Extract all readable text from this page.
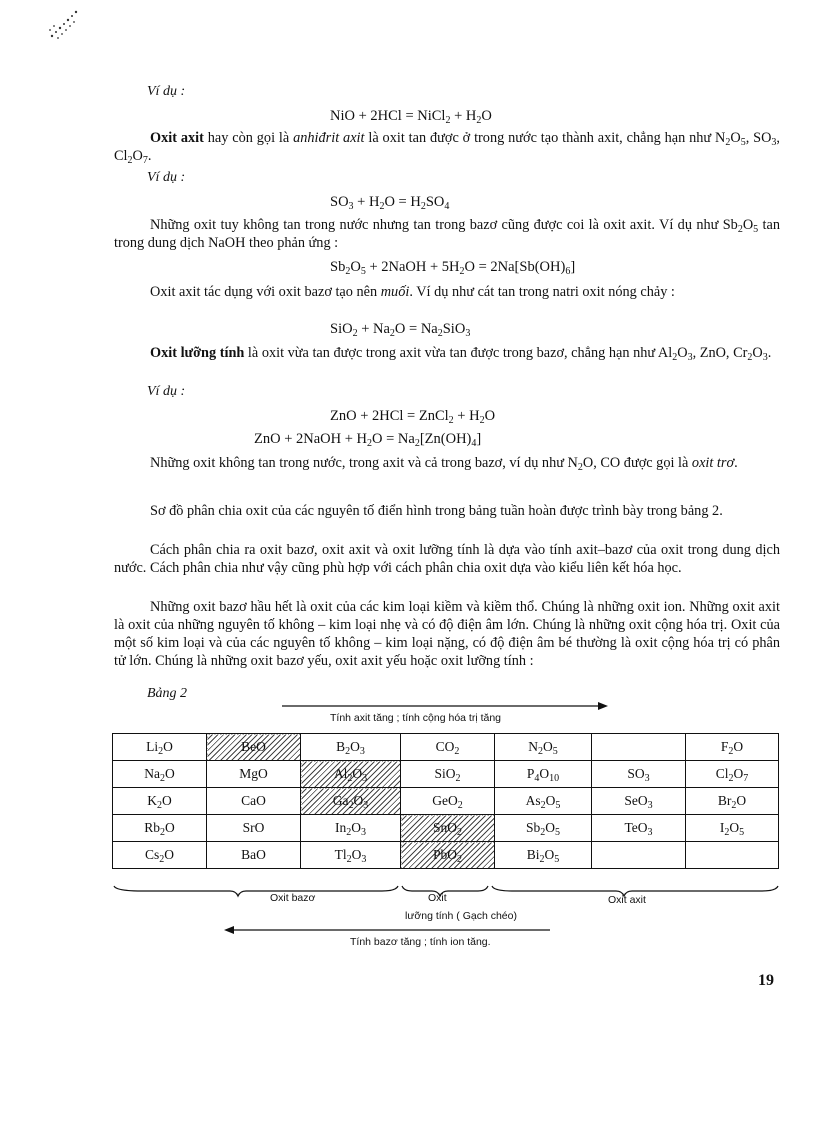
Ví dụ :
NiO + 2HCl = NiCl$_2$ + $H_2O$
Oxit axit hay còn gọi là anhiđrit axit là oxit tan được ở trong nước tạo thành axit, chẳng hạn như $N_2O_5$, $SO_3$, $Cl_2O_7$.
Ví dụ :
$SO_3 + H_2O = H_2SO_4$
Những oxit tuy không tan trong nước nhưng tan trong bazơ cũng được coi là oxit axit. Ví dụ như $Sb_2O_5$ tan trong dung dịch NaOH theo phản ứng :
$Sb_2O_5$ + 2NaOH + $5H_2O = 2Na[Sb(OH)_6]$
Oxit axit tác dụng với oxit bazơ tạo nên muối. Ví dụ như cát tan trong natri oxit nóng chảy :
$SiO_2 + Na_2O = Na_2SiO_3$
Oxit lưỡng tính là oxit vừa tan được trong axit vừa tan được trong bazơ, chẳng hạn như $Al_2O_3$, ZnO, $Cr_2O_3$.
Ví dụ :
ZnO + 2HCl = ZnCl$_2$ + $H_2O$
ZnO + 2NaOH + $H_2O = Na_2[Zn(OH)_4]$
Những oxit không tan trong nước, trong axit và cả trong bazơ, ví dụ như $N_2O$, CO được gọi là oxit trơ.
Sơ đồ phân chia oxit của các nguyên tố điển hình trong bảng tuần hoàn được trình bày trong bảng 2.
Cách phân chia ra oxit bazơ, oxit axit và oxit lưỡng tính là dựa vào tính axit–bazơ của oxit trong dung dịch nước. Cách phân chia như vậy cũng phù hợp với cách phân chia oxit dựa vào kiểu liên kết hóa học.
Những oxit bazơ hầu hết là oxit của các kim loại kiềm và kiềm thổ. Chúng là những oxit ion. Những oxit axit là oxit của những nguyên tố không – kim loại nhẹ và có độ điện âm lớn. Chúng là những oxit cộng hóa trị. Oxit của một số kim loại và của các nguyên tố không – kim loại nặng, có độ điện âm bé thường là oxit cộng hóa trị có phân tử lớn. Chúng là những oxit bazơ yếu, oxit axit yếu hoặc oxit lưỡng tính :
Bảng 2
Tính axit tăng ; tính cộng hóa trị tăng
$Li_2O$	BeO	$B_2O_3$	$CO_2$	$N_2O_5$		$F_2O$
$Na_2O$	MgO	$Al_2O_3$	SiO$_2$	$P_4O_{10}$	$SO_3$	$Cl_2O_7$
$K_2O$	CaO	$Ga_2O_3$	GeO$_2$	$As_2O_5$	SeO$_3$	$Br_2O$
$Rb_2O$	SrO	$In_2O_3$	SnO$_2$	$Sb_2O_5$	TeO$_3$	$I_2O_5$
$Cs_2O$	BaO	$Tl_2O_3$	PbO$_2$	$Bi_2O_5$		
Oxit bazơ	Oxit
lưỡng tính ( Gạch chéo)
Oxit axit
Tính bazơ tăng ; tính ion tăng.
19
